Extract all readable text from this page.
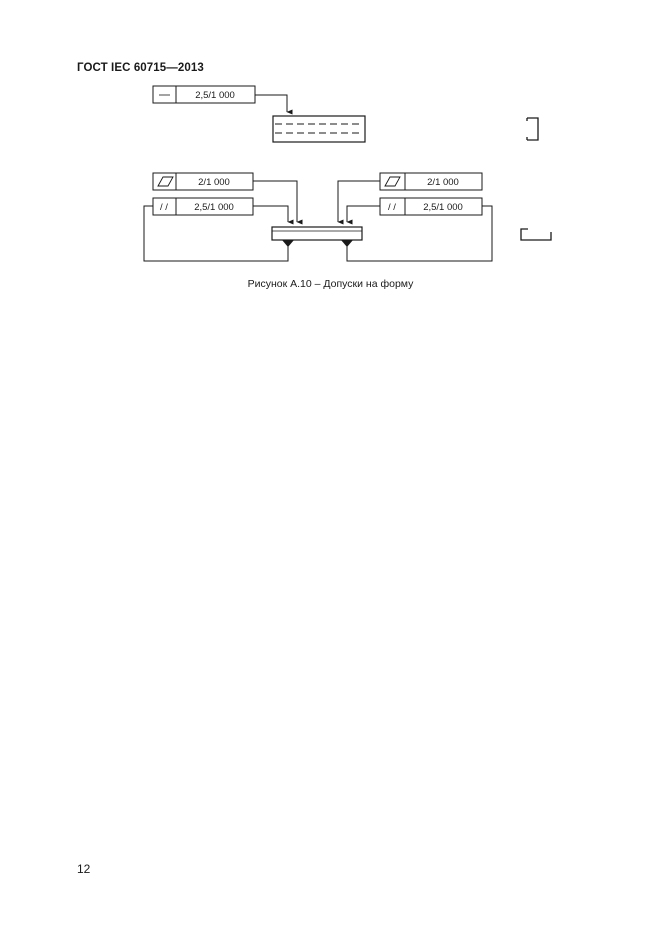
ГОСТ IEC 60715—2013
2,5/1 000
2/1 000
/ /	2,5/1 000
2/1 000
/ /	2,5/1 000
Рисунок А.10 – Допуски на форму
12
